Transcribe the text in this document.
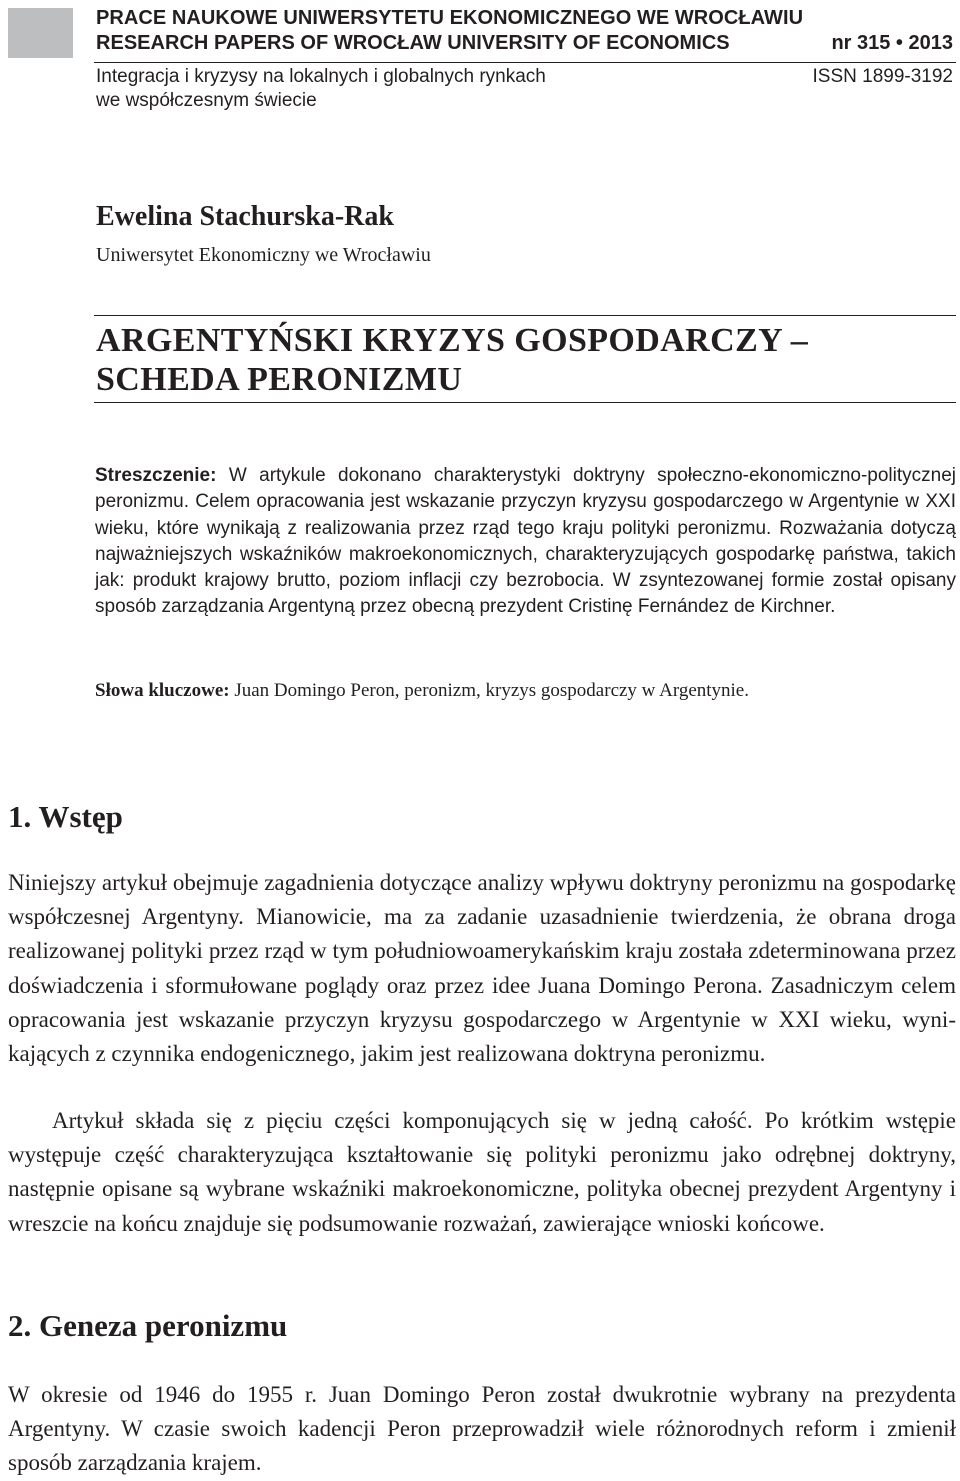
PRACE NAUKOWE UNIWERSYTETU EKONOMICZNEGO WE WROCŁAWIU
RESEARCH PAPERS OF WROCŁAW UNIVERSITY OF ECONOMICS	nr 315 • 2013
Integracja i kryzysy na lokalnych i globalnych rynkach
we współczesnym świecie
ISSN 1899-3192
Ewelina Stachurska-Rak
Uniwersytet Ekonomiczny we Wrocławiu
ARGENTYŃSKI KRYZYS GOSPODARCZY –
SCHEDA PERONIZMU
Streszczenie: W artykule dokonano charakterystyki doktryny społeczno-ekonomiczno-politycznej peronizmu. Celem opracowania jest wskazanie przyczyn kryzysu gospodarczego w Argentynie w XXI wieku, które wynikają z realizowania przez rząd tego kraju polityki peronizmu. Rozważania dotyczą najważniejszych wskaźników makroekonomicznych, charakteryzujących gospodarkę państwa, takich jak: produkt krajowy brutto, poziom inflacji czy bezrobocia. W zsyntezowanej formie został opisany sposób zarządzania Argentyną przez obecną prezydent Cristinę Fernández de Kirchner.
Słowa kluczowe: Juan Domingo Peron, peronizm, kryzys gospodarczy w Argentynie.
1. Wstęp
Niniejszy artykuł obejmuje zagadnienia dotyczące analizy wpływu doktryny peronizmu na gospodarkę współczesnej Argentyny. Mianowicie, ma za zadanie uzasadnienie twierdzenia, że obrana droga realizowanej polityki przez rząd w tym południowoamerykańskim kraju została zdeterminowana przez doświadczenia i sformułowane poglądy oraz przez idee Juana Domingo Perona. Zasadniczym celem opracowania jest wskazanie przyczyn kryzysu gospodarczego w Argentynie w XXI wieku, wynikających z czynnika endogenicznego, jakim jest realizowana doktryna peronizmu.
Artykuł składa się z pięciu części komponujących się w jedną całość. Po krótkim wstępie występuje część charakteryzująca kształtowanie się polityki peronizmu jako odrębnej doktryny, następnie opisane są wybrane wskaźniki makroekonomiczne, polityka obecnej prezydent Argentyny i wreszcie na końcu znajduje się podsumowanie rozważań, zawierające wnioski końcowe.
2. Geneza peronizmu
W okresie od 1946 do 1955 r. Juan Domingo Peron został dwukrotnie wybrany na prezydenta Argentyny. W czasie swoich kadencji Peron przeprowadził wiele różnorodnych reform i zmienił sposób zarządzania krajem.
